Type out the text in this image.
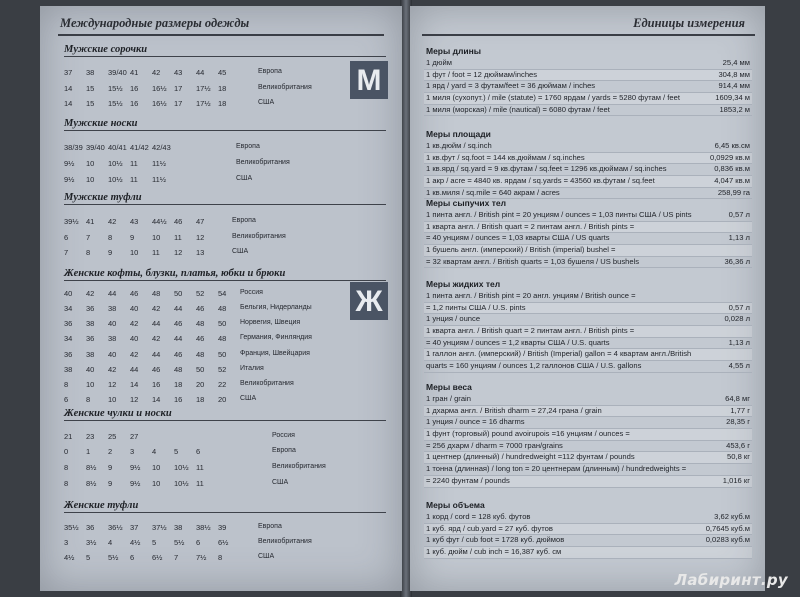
Международные размеры одежды
М
Ж
Мужские сорочки
37 38 39/40 41 42 43 44 45	Европа
14 15 15½ 16 16½ 17 17½ 18	Великобритания
14 15 15½ 16 16½ 17 17½ 18	США
Мужские носки
38/39 39/40 40/41 41/42 42/43	Европа
9½ 10 10½ 11 11½	Великобритания
9½ 10 10½ 11 11½	США
Мужские туфли
39½ 41 42 43 44½ 46 47	Европа
6 7 8 9 10 11 12	Великобритания
7 8 9 10 11 12 13	США
Женские кофты, блузки, платья, юбки и брюки
40 42 44 46 48 50 52 54 Россия
34 36 38 40 42 44 46 48 Бельгия, Нидерланды
36 38 40 42 44 46 48 50 Норвегия, Швеция
34 36 38 40 42 44 46 48 Германия, Финляндия
36 38 40 42 44 46 48 50 Франция, Швейцария
38 40 42 44 46 48 50 52 Италия
8 10 12 14 16 18 20 22 Великобритания
6 8 10 12 14 16 18 20 США
Женские чулки и носки
21 23 25 27	Россия
0 1 2 3 4 5 6	Европа
8 8½ 9 9½ 10 10½ 11	Великобритания
8 8½ 9 9½ 10 10½ 11	США
Женские туфли
35½ 36 36½ 37 37½ 38 38½ 39	Европа
3 3½ 4 4½ 5 5½ 6 6½	Великобритания
4½ 5 5½ 6 6½ 7 7½ 8	США
Единицы измерения
Меры длины
1 дюйм	25,4 мм
1 фут / foot = 12 дюймам/inches	304,8 мм
1 ярд / yard = 3 футам/feet = 36 дюймам / inches	914,4 мм
1 миля (сухопут.) / mile (statute) = 1760 ярдам / yards = 5280 футам / feet	1609,34 м
1 миля (морская) / mile (nautical) = 6080 футам / feet	1853,2 м
Меры площади
1 кв.дюйм / sq.inch	6,45 кв.см
1 кв.фут / sq.foot = 144 кв.дюймам / sq.inches	0,0929 кв.м
1 кв.ярд / sq.yard = 9 кв.футам / sq.feet = 1296 кв.дюймам / sq.inches	0,836 кв.м
1 акр / acre = 4840 кв. ярдам / sq.yards = 43560 кв.футам / sq.feet	4,047 кв.м
1 кв.миля / sq.mile = 640 акрам / acres	258,99 га
Меры сыпучих тел
1 пинта англ. / British pint = 20 унциям / ounces = 1,03 пинты США / US pints	0,57 л
1 кварта англ. / British quart = 2 пинтам англ. / British pints =
= 40 унциям / ounces = 1,03 кварты США / US quarts	1,13 л
1 бушель англ. (имперский) / British (imperial) bushel =
= 32 квартам англ. / British quarts = 1,03 бушеля / US bushels	36,36 л
Меры жидких тел
1 пинта англ. / British pint = 20 англ. унциям / British ounce =
= 1,2 пинты США / U.S. pints	0,57 л
1 унция / ounce	0,028 л
1 кварта англ. / British quart = 2 пинтам англ. / British pints =
= 40 унциям / ounces = 1,2 кварты США / U.S. quarts	1,13 л
1 галлон англ. (имперский) / British (Imperial) gallon = 4 квартам англ./British
quarts = 160 унциям / ounces 1,2 галлонов США / U.S. gallons	4,55 л
Меры веса
1 гран / grain	64,8 мг
1 дхарма англ. / British dharm = 27,24 грана / grain	1,77 г
1 унция / ounce = 16 dharms	28,35 г
1 фунт (торговый) pound avoirupois =16 унциям / ounces =
= 256 дхарм / dharm = 7000 гран/grains	453,6 г
1 центнер (длинный) / hundredweight =112 фунтам / pounds	50,8 кг
1 тонна (длинная) / long ton = 20 центнерам (длинным) / hundredweights =
= 2240 фунтам / pounds	1,016 кг
Меры объема
1 корд / cord = 128 куб. футов	3,62 куб.м
1 куб. ярд / cub.yard = 27 куб. футов	0,7645 куб.м
1 куб фут / cub foot = 1728 куб. дюймов	0,0283 куб.м
1 куб. дюйм / cub inch = 16,387 куб. см
Лабиринт.ру
